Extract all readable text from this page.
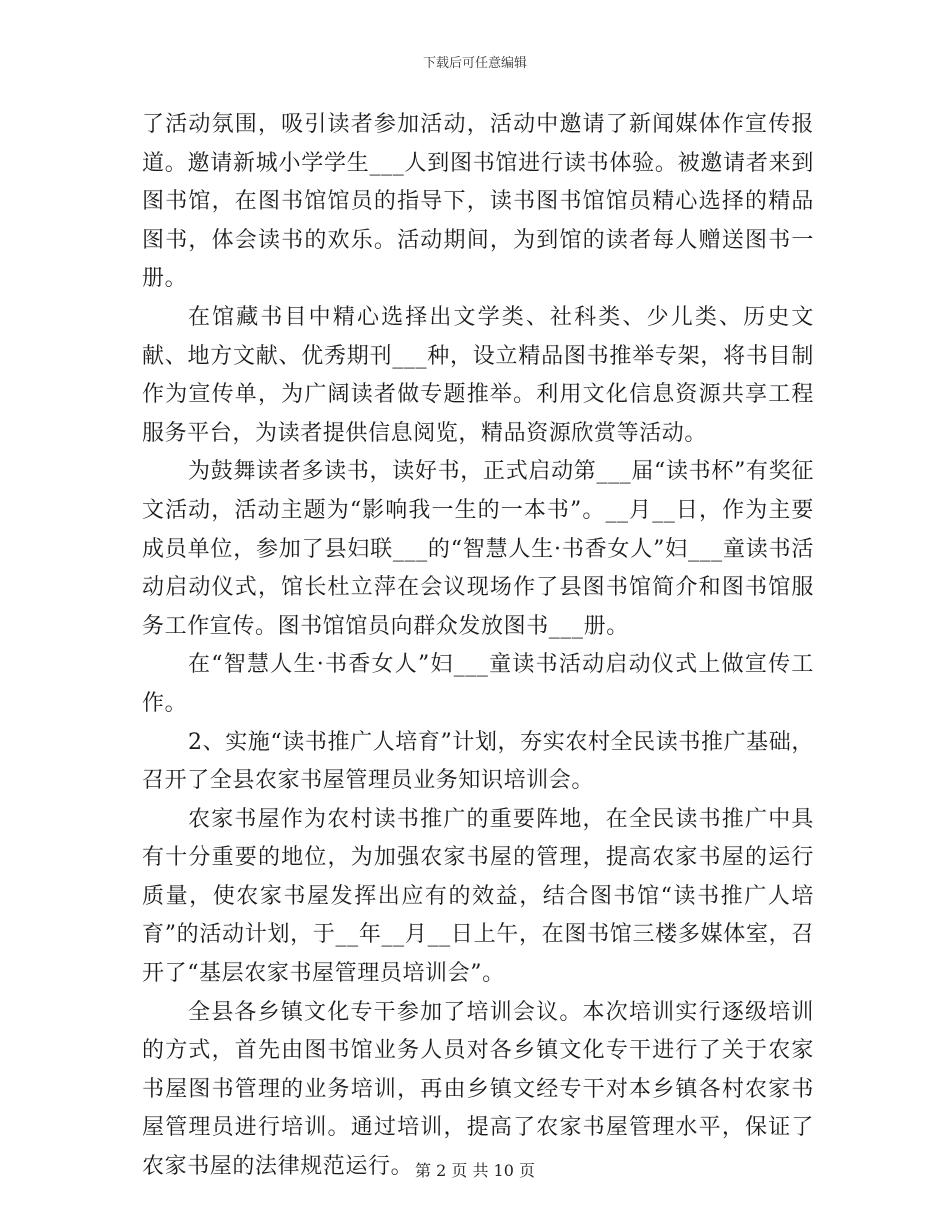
下载后可任意编辑

了活动氛围，吸引读者参加活动，活动中邀请了新闻媒体作宣传报道。邀请新城小学学生___人到图书馆进行读书体验。被邀请者来到图书馆，在图书馆馆员的指导下，读书图书馆馆员精心选择的精品图书，体会读书的欢乐。活动期间，为到馆的读者每人赠送图书一册。

在馆藏书目中精心选择出文学类、社科类、少儿类、历史文献、地方文献、优秀期刊___种，设立精品图书推举专架，将书目制作为宣传单，为广阔读者做专题推举。利用文化信息资源共享工程服务平台，为读者提供信息阅览，精品资源欣赏等活动。

为鼓舞读者多读书，读好书，正式启动第___届“读书杯”有奖征文活动，活动主题为“影响我一生的一本书”。__月__日，作为主要成员单位，参加了县妇联___的“智慧人生·书香女人”妇___童读书活动启动仪式，馆长杜立萍在会议现场作了县图书馆简介和图书馆服务工作宣传。图书馆馆员向群众发放图书___册。

在“智慧人生·书香女人”妇___童读书活动启动仪式上做宣传工作。

2、实施“读书推广人培育”计划，夯实农村全民读书推广基础，召开了全县农家书屋管理员业务知识培训会。

农家书屋作为农村读书推广的重要阵地，在全民读书推广中具有十分重要的地位，为加强农家书屋的管理，提高农家书屋的运行质量，使农家书屋发挥出应有的效益，结合图书馆“读书推广人培育”的活动计划，于__年__月__日上午，在图书馆三楼多媒体室，召开了“基层农家书屋管理员培训会”。

全县各乡镇文化专干参加了培训会议。本次培训实行逐级培训的方式，首先由图书馆业务人员对各乡镇文化专干进行了关于农家书屋图书管理的业务培训，再由乡镇文经专干对本乡镇各村农家书屋管理员进行培训。通过培训，提高了农家书屋管理水平，保证了农家书屋的法律规范运行。 第 2 页 共 10 页
